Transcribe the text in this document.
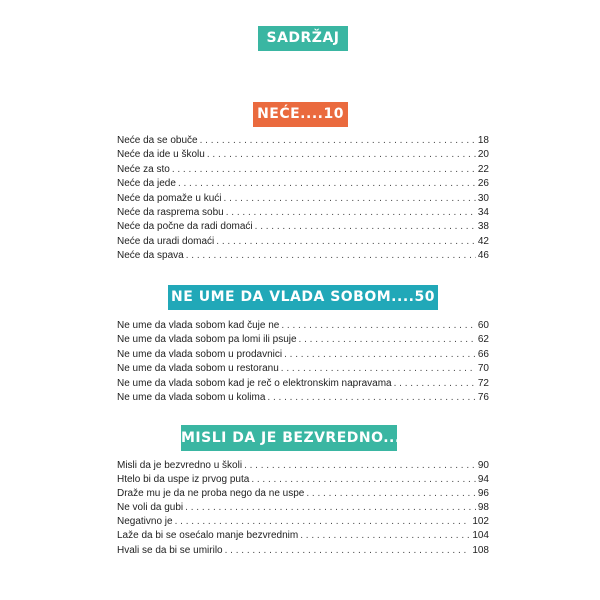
SADRŽAJ
NEĆE....10
Neće da se obuče . . .	18
Neće da ide u školu . . .	20
Neće za sto . . .	22
Neće da jede . . .	26
Neće da pomaže u kući . . .	30
Neće da rasprema sobu . . .	34
Neće da počne da radi domaći . . .	38
Neće da uradi domaći . . .	42
Neće da spava . . .	46
NE UME DA VLADA SOBOM....50
Ne ume da vlada sobom kad čuje ne . . .	60
Ne ume da vlada sobom pa lomi ili psuje . . .	62
Ne ume da vlada sobom u prodavnici . . .	66
Ne ume da vlada sobom u restoranu . . .	70
Ne ume da vlada sobom kad je reč o elektronskim napravama . . .	72
Ne ume da vlada sobom u kolima . . .	76
MISLI DA JE BEZVREDNO....78
Misli da je bezvredno u školi . . .	90
Htelo bi da uspe iz prvog puta . . .	94
Draže mu je da ne proba nego da ne uspe . . .	96
Ne voli da gubi . . .	98
Negativno je . . .	102
Laže da bi se osećalo manje bezvrednim . . .	104
Hvali se da bi se umirilo . . .	108
